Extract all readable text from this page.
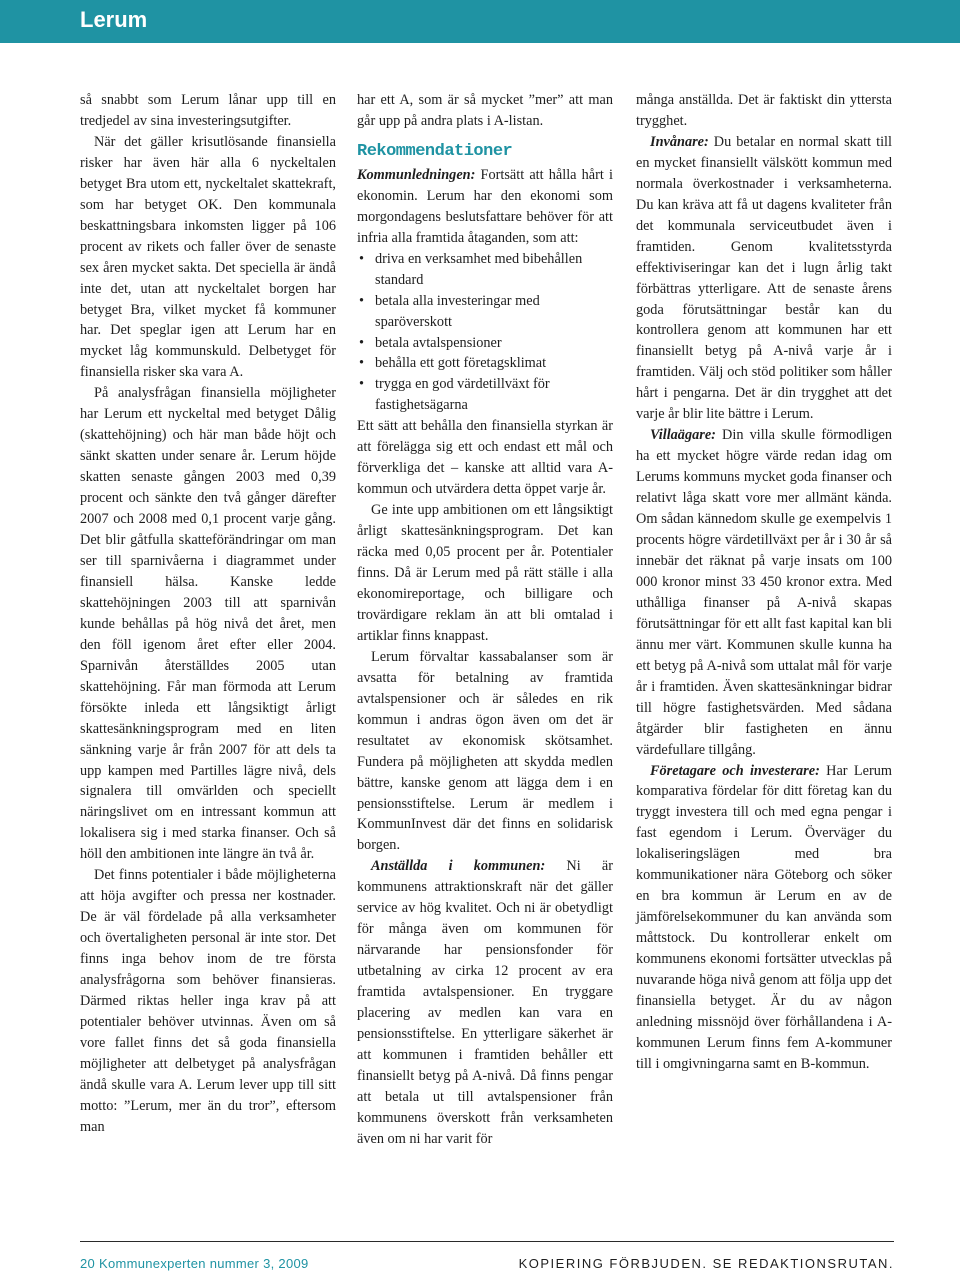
Lerum

så snabbt som Lerum lånar upp till en tredjedel av sina investeringsutgifter.

När det gäller krisutlösande finansiella risker har även här alla 6 nyckeltalen betyget Bra utom ett, nyckeltalet skattekraft, som har betyget OK. Den kommunala beskattningsbara inkomsten ligger på 106 procent av rikets och faller över de senaste sex åren mycket sakta. Det speciella är ändå inte det, utan att nyckeltalet borgen har betyget Bra, vilket mycket få kommuner har. Det speglar igen att Lerum har en mycket låg kommunskuld. Delbetyget för finansiella risker ska vara A.

På analysfrågan finansiella möjligheter har Lerum ett nyckeltal med betyget Dålig (skattehöjning) och här man både höjt och sänkt skatten under senare år. Lerum höjde skatten senaste gången 2003 med 0,39 procent och sänkte den två gånger därefter 2007 och 2008 med 0,1 procent varje gång. Det blir gåtfulla skatteförändringar om man ser till sparnivåerna i diagrammet under finansiell hälsa. Kanske ledde skattehöjningen 2003 till att sparnivån kunde behållas på hög nivå det året, men den föll igenom året efter eller 2004. Sparnivån återställdes 2005 utan skattehöjning. Får man förmoda att Lerum försökte inleda ett långsiktigt årligt skattesänkningsprogram med en liten sänkning varje år från 2007 för att dels ta upp kampen med Partilles lägre nivå, dels signalera till omvärlden och speciellt näringslivet om en intressant kommun att lokalisera sig i med starka finanser. Och så höll den ambitionen inte längre än två år.

Det finns potentialer i både möjligheterna att höja avgifter och pressa ner kostnader. De är väl fördelade på alla verksamheter och övertaligheten personal är inte stor. Det finns inga behov inom de tre första analysfrågorna som behöver finansieras. Därmed riktas heller inga krav på att potentialer behöver utvinnas. Även om så vore fallet finns det så goda finansiella möjligheter att delbetyget på analysfrågan ändå skulle vara A. Lerum lever upp till sitt motto: ”Lerum, mer än du tror”, eftersom man

har ett A, som är så mycket ”mer” att man går upp på andra plats i A-listan.

Rekommendationer

Kommunledningen: Fortsätt att hålla hårt i ekonomin. Lerum har den ekonomi som morgondagens beslutsfattare behöver för att infria alla framtida åtaganden, som att:

• driva en verksamhet med bibehållen standard
• betala alla investeringar med sparöverskott
• betala avtalspensioner
• behålla ett gott företagsklimat
• trygga en god värdetillväxt för fastighetsägarna

Ett sätt att behålla den finansiella styrkan är att förelägga sig ett och endast ett mål och förverkliga det – kanske att alltid vara A-kommun och utvärdera detta öppet varje år.

Ge inte upp ambitionen om ett långsiktigt årligt skattesänkningsprogram. Det kan räcka med 0,05 procent per år. Potentialer finns. Då är Lerum med på rätt ställe i alla ekonomireportage, och billigare och trovärdigare reklam än att bli omtalad i artiklar finns knappast.

Lerum förvaltar kassabalanser som är avsatta för betalning av framtida avtalspensioner och är således en rik kommun i andras ögon även om det är resultatet av ekonomisk skötsamhet. Fundera på möjligheten att skydda medlen bättre, kanske genom att lägga dem i en pensionsstiftelse. Lerum är medlem i KommunInvest där det finns en solidarisk borgen.

Anställda i kommunen: Ni är kommunens attraktionskraft när det gäller service av hög kvalitet. Och ni är obetydligt för många även om kommunen för närvarande har pensionsfonder för utbetalning av cirka 12 procent av era framtida avtalspensioner. En tryggare placering av medlen kan vara en pensionsstiftelse. En ytterligare säkerhet är att kommunen i framtiden behåller ett finansiellt betyg på A-nivå. Då finns pengar att betala ut till avtalspensioner från kommunens överskott från verksamheten även om ni har varit för

många anställda. Det är faktiskt din yttersta trygghet.

Invånare: Du betalar en normal skatt till en mycket finansiellt välskött kommun med normala överkostnader i verksamheterna. Du kan kräva att få ut dagens kvaliteter från det kommunala serviceutbudet även i framtiden. Genom kvalitetsstyrda effektiviseringar kan det i lugn årlig takt förbättras ytterligare. Att de senaste årens goda förutsättningar består kan du kontrollera genom att kommunen har ett finansiellt betyg på A-nivå varje år i framtiden. Välj och stöd politiker som håller hårt i pengarna. Det är din trygghet att det varje år blir lite bättre i Lerum.

Villaägare: Din villa skulle förmodligen ha ett mycket högre värde redan idag om Lerums kommuns mycket goda finanser och relativt låga skatt vore mer allmänt kända. Om sådan kännedom skulle ge exempelvis 1 procents högre värdetillväxt per år i 30 år så innebär det räknat på varje insats om 100 000 kronor minst 33 450 kronor extra. Med uthålliga finanser på A-nivå skapas förutsättningar för ett allt fast kapital kan bli ännu mer värt. Kommunen skulle kunna ha ett betyg på A-nivå som uttalat mål för varje år i framtiden. Även skattesänkningar bidrar till högre fastighetsvärden. Med sådana åtgärder blir fastigheten en ännu värdefullare tillgång.

Företagare och investerare: Har Lerum komparativa fördelar för ditt företag kan du tryggt investera till och med egna pengar i fast egendom i Lerum. Överväger du lokaliseringslägen med bra kommunikationer nära Göteborg och söker en bra kommun är Lerum en av de jämförelsekommuner du kan använda som måttstock. Du kontrollerar enkelt om kommunens ekonomi fortsätter utvecklas på nuvarande höga nivå genom att följa upp det finansiella betyget. Är du av någon anledning missnöjd över förhållandena i A-kommunen Lerum finns fem A-kommuner till i omgivningarna samt en B-kommun.

20 Kommunexperten nummer 3, 2009	KOPIERING FÖRBJUDEN. SE REDAKTIONSRUTAN.
